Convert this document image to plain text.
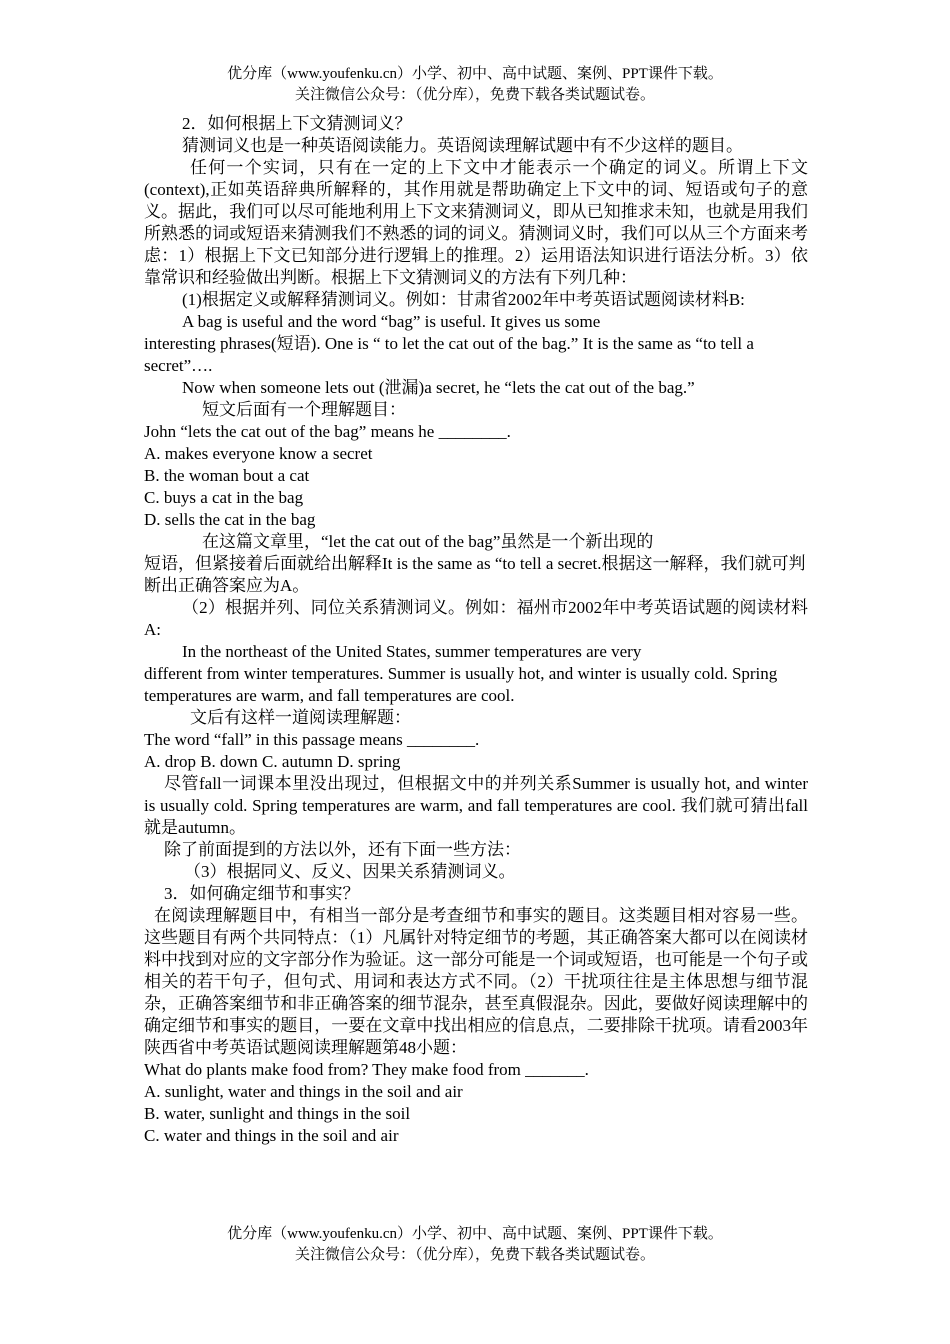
优分库（www.youfenku.cn）小学、初中、高中试题、案例、PPT课件下载。
关注微信公众号：（优分库），免费下载各类试题试卷。

2．如何根据上下文猜测词义？

猜测词义也是一种英语阅读能力。英语阅读理解试题中有不少这样的题目。

任何一个实词，只有在一定的上下文中才能表示一个确定的词义。所谓上下文(context),正如英语辞典所解释的，其作用就是帮助确定上下文中的词、短语或句子的意义。据此，我们可以尽可能地利用上下文来猜测词义，即从已知推求未知，也就是用我们所熟悉的词或短语来猜测我们不熟悉的词的词义。猜测词义时，我们可以从三个方面来考虑：1）根据上下文已知部分进行逻辑上的推理。2）运用语法知识进行语法分析。3）依靠常识和经验做出判断。根据上下文猜测词义的方法有下列几种：

(1)根据定义或解释猜测词义。例如：甘肃省2002年中考英语试题阅读材料B:

A bag is useful and the word “bag” is useful. It gives us some

interesting phrases(短语). One is “ to let the cat out of the bag.” It is the same as “to tell a secret”….

Now when someone lets out (泄漏)a secret, he “lets the cat out of the bag.”

短文后面有一个理解题目：

John “lets the cat out of the bag” means he ________.

A. makes everyone know a secret

B. the woman bout a cat

C. buys a cat in the bag

D. sells the cat in the bag

在这篇文章里，“let the cat out of the bag”虽然是一个新出现的

短语，但紧接着后面就给出解释It is the same as “to tell a secret.根据这一解释，我们就可判断出正确答案应为A。

（2）根据并列、同位关系猜测词义。例如：福州市2002年中考英语试题的阅读材料A:

In the northeast of the United States, summer temperatures are very

different from winter temperatures. Summer is usually hot, and winter is usually cold. Spring temperatures are warm, and fall temperatures are cool.

文后有这样一道阅读理解题：

The word “fall” in this passage means ________.

A. drop B. down C. autumn D. spring

尽管fall一词课本里没出现过，但根据文中的并列关系Summer is usually hot, and winter is usually cold. Spring temperatures are warm, and fall temperatures are cool. 我们就可猜出fall就是autumn。

除了前面提到的方法以外，还有下面一些方法：

（3）根据同义、反义、因果关系猜测词义。

3．如何确定细节和事实？

在阅读理解题目中，有相当一部分是考查细节和事实的题目。这类题目相对容易一些。这些题目有两个共同特点：（1）凡属针对特定细节的考题，其正确答案大都可以在阅读材料中找到对应的文字部分作为验证。这一部分可能是一个词或短语，也可能是一个句子或相关的若干句子，但句式、用词和表达方式不同。（2）干扰项往往是主体思想与细节混杂，正确答案细节和非正确答案的细节混杂，甚至真假混杂。因此，要做好阅读理解中的确定细节和事实的题目，一要在文章中找出相应的信息点，二要排除干扰项。请看2003年陕西省中考英语试题阅读理解题第48小题：

What do plants make food from? They make food from _______.

A. sunlight, water and things in the soil and air

B. water, sunlight and things in the soil

C. water and things in the soil and air

优分库（www.youfenku.cn）小学、初中、高中试题、案例、PPT课件下载。
关注微信公众号：（优分库），免费下载各类试题试卷。
